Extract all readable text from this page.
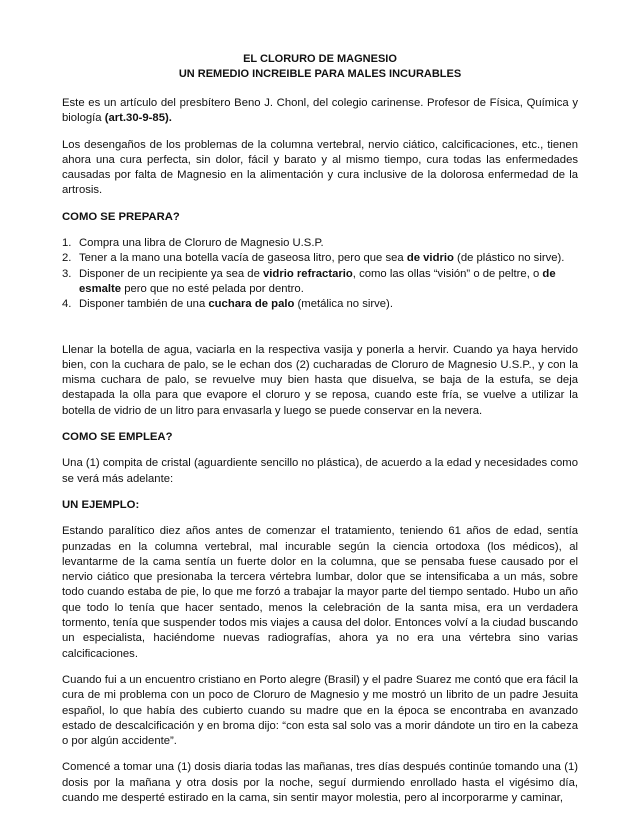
EL CLORURO DE MAGNESIO

UN REMEDIO INCREIBLE PARA MALES INCURABLES

Este es un artículo del presbítero Beno J. Chonl, del colegio carinense. Profesor de Física, Química y biología (art.30-9-85).

Los desengaños de los problemas de la columna vertebral, nervio ciático, calcificaciones, etc., tienen ahora una cura perfecta, sin dolor, fácil y barato y al mismo tiempo, cura todas las enfermedades causadas por falta de Magnesio en la alimentación y cura inclusive de la dolorosa enfermedad de la artrosis.

COMO SE PREPARA?

1. Compra una libra de Cloruro de Magnesio U.S.P.
2. Tener a la mano una botella vacía de gaseosa litro, pero que sea de vidrio (de plástico no sirve).
3. Disponer de un recipiente ya sea de vidrio refractario, como las ollas “visión” o de peltre, o de esmalte pero que no esté pelada por dentro.
4. Disponer también de una cuchara de palo (metálica no sirve).

Llenar la botella de agua, vaciarla en la respectiva vasija y ponerla a hervir. Cuando ya haya hervido bien, con la cuchara de palo, se le echan dos (2) cucharadas de Cloruro de Magnesio U.S.P., y con la misma cuchara de palo, se revuelve muy bien hasta que disuelva, se baja de la estufa, se deja destapada la olla para que evapore el cloruro y se reposa, cuando este fría, se vuelve a utilizar la botella de vidrio de un litro para envasarla y luego se puede conservar en la nevera.

COMO SE EMPLEA?

Una (1) compita de cristal (aguardiente sencillo no plástica), de acuerdo a la edad y necesidades como se verá más adelante:

UN EJEMPLO:

Estando paralítico diez años antes de comenzar el tratamiento, teniendo 61 años de edad, sentía punzadas en la columna vertebral, mal incurable según la ciencia ortodoxa (los médicos), al levantarme de la cama sentía un fuerte dolor en la columna, que se pensaba fuese causado por el nervio ciático que presionaba la tercera vértebra lumbar, dolor que se intensificaba a un más, sobre todo cuando estaba de pie, lo que me forzó a trabajar la mayor parte del tiempo sentado. Hubo un año que todo lo tenía que hacer sentado, menos la celebración de la santa misa, era un verdadera tormento, tenía que suspender todos mis viajes a causa del dolor. Entonces volví a la ciudad buscando un especialista, haciéndome nuevas radiografías, ahora ya no era una vértebra sino varias calcificaciones.

Cuando fui a un encuentro cristiano en Porto alegre (Brasil) y el padre Suarez me contó que era fácil la cura de mi problema con un poco de Cloruro de Magnesio y me mostró un librito de un padre Jesuita español, lo que había des cubierto cuando su madre que en la época se encontraba en avanzado estado de descalcificación y en broma dijo: “con esta sal solo vas a morir dándote un tiro en la cabeza o por algún accidente”.

Comencé a tomar una (1) dosis diaria todas las mañanas, tres días después continúe tomando una (1) dosis por la mañana y otra dosis por la noche, seguí durmiendo enrollado hasta el vigésimo día, cuando me desperté estirado en la cama, sin sentir mayor molestia, pero al incorporarme y caminar,
